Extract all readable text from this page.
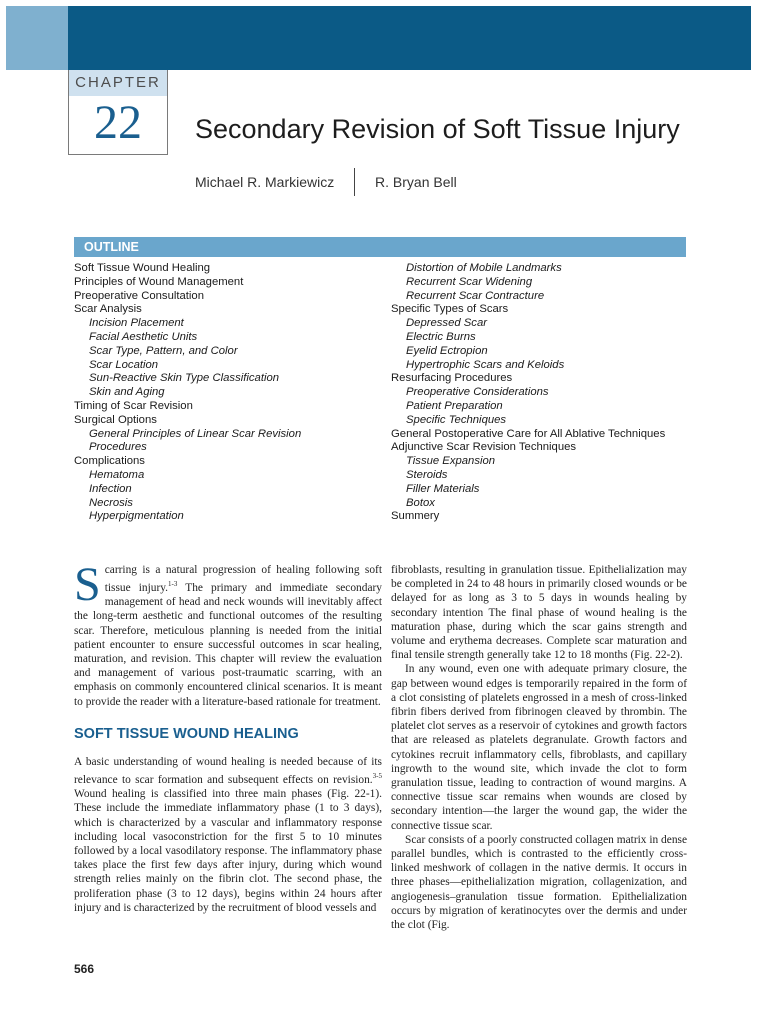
CHAPTER
22	Secondary Revision of Soft Tissue Injury
Michael R. Markiewicz	R. Bryan Bell
OUTLINE
Soft Tissue Wound Healing
Principles of Wound Management
Preoperative Consultation
Scar Analysis
Incision Placement
Facial Aesthetic Units
Scar Type, Pattern, and Color
Scar Location
Sun-Reactive Skin Type Classification
Skin and Aging
Timing of Scar Revision
Surgical Options
General Principles of Linear Scar Revision
Procedures
Complications
Hematoma
Infection
Necrosis
Hyperpigmentation
Distortion of Mobile Landmarks
Recurrent Scar Widening
Recurrent Scar Contracture
Specific Types of Scars
Depressed Scar
Electric Burns
Eyelid Ectropion
Hypertrophic Scars and Keloids
Resurfacing Procedures
Preoperative Considerations
Patient Preparation
Specific Techniques
General Postoperative Care for All Ablative Techniques
Adjunctive Scar Revision Techniques
Tissue Expansion
Steroids
Filler Materials
Botox
Summery

Scarring is a natural progression of healing following soft tissue injury.$^{1-3}$ The primary and immediate secondary management of head and neck wounds will inevitably affect the long-term aesthetic and functional outcomes of the resulting scar. Therefore, meticulous planning is needed from the initial patient encounter to ensure successful outcomes in scar healing, maturation, and revision. This chapter will review the evaluation and management of various post-traumatic scarring, with an emphasis on commonly encountered clinical scenarios. It is meant to provide the reader with a literature-based rationale for treatment.

SOFT TISSUE WOUND HEALING

A basic understanding of wound healing is needed because of its relevance to scar formation and subsequent effects on revision.$^{3-5}$ Wound healing is classified into three main phases (Fig. 22-1). These include the immediate inflammatory phase (1 to 3 days), which is characterized by a vascular and inflammatory response including local vasoconstriction for the first 5 to 10 minutes followed by a local vasodilatory response. The inflammatory phase takes place the first few days after injury, during which wound strength relies mainly on the fibrin clot. The second phase, the proliferation phase (3 to 12 days), begins within 24 hours after injury and is characterized by the recruitment of blood vessels and

fibroblasts, resulting in granulation tissue. Epithelialization may be completed in 24 to 48 hours in primarily closed wounds or be delayed for as long as 3 to 5 days in wounds healing by secondary intention The final phase of wound healing is the maturation phase, during which the scar gains strength and volume and erythema decreases. Complete scar maturation and final tensile strength generally take 12 to 18 months (Fig. 22-2).

In any wound, even one with adequate primary closure, the gap between wound edges is temporarily repaired in the form of a clot consisting of platelets engrossed in a mesh of cross-linked fibrin fibers derived from fibrinogen cleaved by thrombin. The platelet clot serves as a reservoir of cytokines and growth factors that are released as platelets degranulate. Growth factors and cytokines recruit inflammatory cells, fibroblasts, and capillary ingrowth to the wound site, which invade the clot to form granulation tissue, leading to contraction of wound margins. A connective tissue scar remains when wounds are closed by secondary intention—the larger the wound gap, the wider the connective tissue scar.

Scar consists of a poorly constructed collagen matrix in dense parallel bundles, which is contrasted to the efficiently cross-linked meshwork of collagen in the native dermis. It occurs in three phases—epithelialization migration, collagenization, and angiogenesis–granulation tissue formation. Epithelialization occurs by migration of keratinocytes over the dermis and under the clot (Fig.

566
